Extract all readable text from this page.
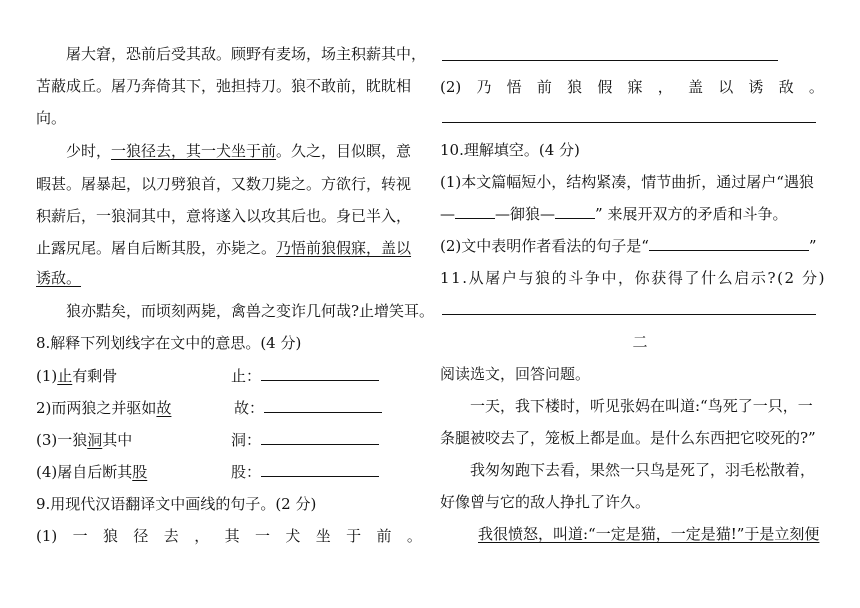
屠大窘，恐前后受其敌。顾野有麦场，场主积薪其中，
苫蔽成丘。屠乃奔倚其下，弛担持刀。狼不敢前，眈眈相
向。
少时，一狼径去，其一犬坐于前。久之，目似瞑，意
暇甚。屠暴起，以刀劈狼首，又数刀毙之。方欲行，转视
积薪后，一狼洞其中，意将遂入以攻其后也。身已半入，
止露尻尾。屠自后断其股，亦毙之。乃悟前狼假寐，盖以
诱敌。
狼亦黠矣，而顷刻两毙，禽兽之变诈几何哉?止增笑耳。
8.解释下列划线字在文中的意思。(4 分)
(1)止有剩骨	止：
2)而两狼之并驱如故	故：
(3)一狼洞其中	洞：
(4)屠自后断其股	股：
9.用现代汉语翻译文中画线的句子。(2 分)
(1) 一 狼 径 去 ， 其 一 犬 坐 于 前 。
(2) 乃 悟 前 狼 假 寐 ， 盖 以 诱 敌 。
10.理解填空。(4 分)
(1)本文篇幅短小，结构紧凑，情节曲折，通过屠户“遇狼
—	—御狼—	” 来展开双方的矛盾和斗争。
(2)文中表明作者看法的句子是“	”
11.从屠户与狼的斗争中，你获得了什么启示?(2 分)
二
阅读选文，回答问题。
一天，我下楼时，听见张妈在叫道:“鸟死了一只，一
条腿被咬去了，笼板上都是血。是什么东西把它咬死的?”
我匆匆跑下去看，果然一只鸟是死了，羽毛松散着，
好像曾与它的敌人挣扎了许久。
我很愤怒，叫道:“一定是猫，一定是猫!”于是立刻便
